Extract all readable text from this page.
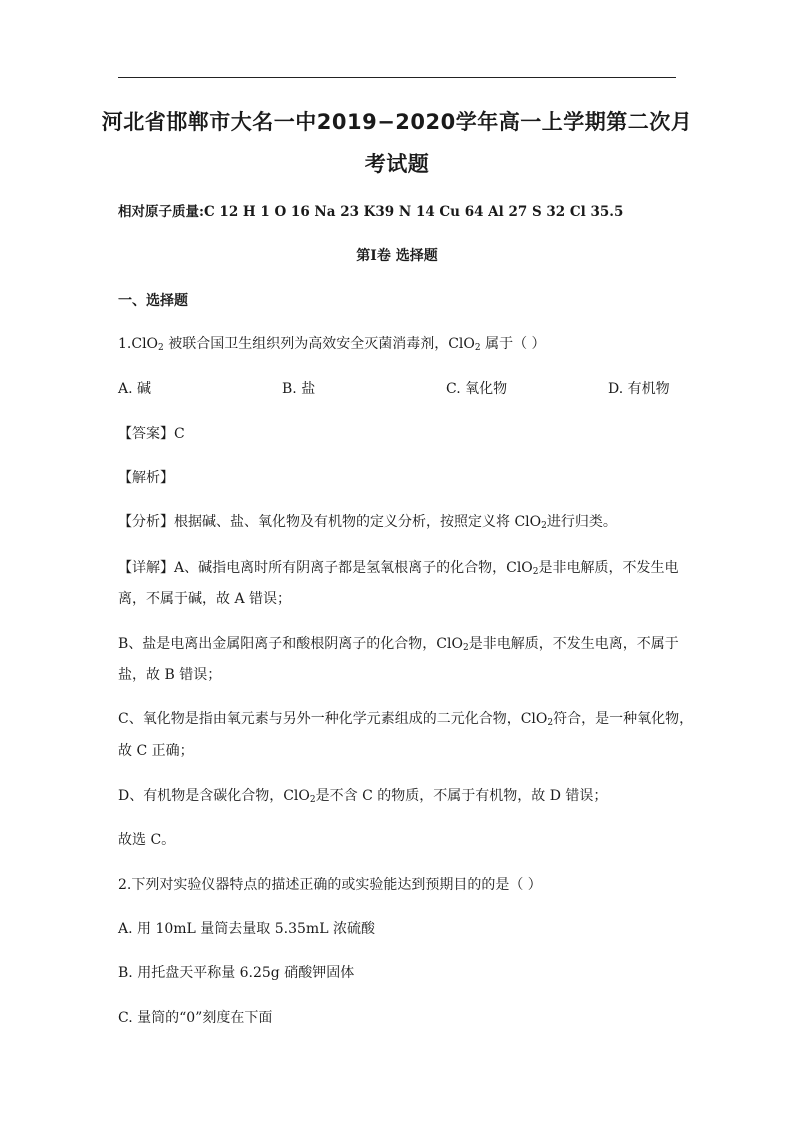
河北省邯郸市大名一中2019−2020学年高一上学期第二次月
考试题
相对原子质量:C 12 H 1 O 16 Na 23 K39 N 14 Cu 64 Al 27 S 32 Cl 35.5
第Ⅰ卷 选择题
一、选择题
1.ClO$_2$ 被联合国卫生组织列为高效安全灭菌消毒剂，ClO$_2$ 属于（ ）
A. 碱	B. 盐	C. 氧化物	D. 有机物
【答案】C
【解析】
【分析】根据碱、盐、氧化物及有机物的定义分析，按照定义将 ClO$_2$进行归类。
【详解】A、碱指电离时所有阴离子都是氢氧根离子的化合物，ClO$_2$是非电解质，不发生电
离，不属于碱，故 A 错误；
B、盐是电离出金属阳离子和酸根阴离子的化合物，ClO$_2$是非电解质，不发生电离，不属于
盐，故 B 错误；
C、氧化物是指由氧元素与另外一种化学元素组成的二元化合物，ClO$_2$符合，是一种氧化物，
故 C 正确；
D、有机物是含碳化合物，ClO$_2$是不含 C 的物质，不属于有机物，故 D 错误；
故选 C。
2.下列对实验仪器特点的描述正确的或实验能达到预期目的的是（ ）
A. 用 10mL 量筒去量取 5.35mL 浓硫酸
B. 用托盘天平称量 6.25g 硝酸钾固体
C. 量筒的“0”刻度在下面
